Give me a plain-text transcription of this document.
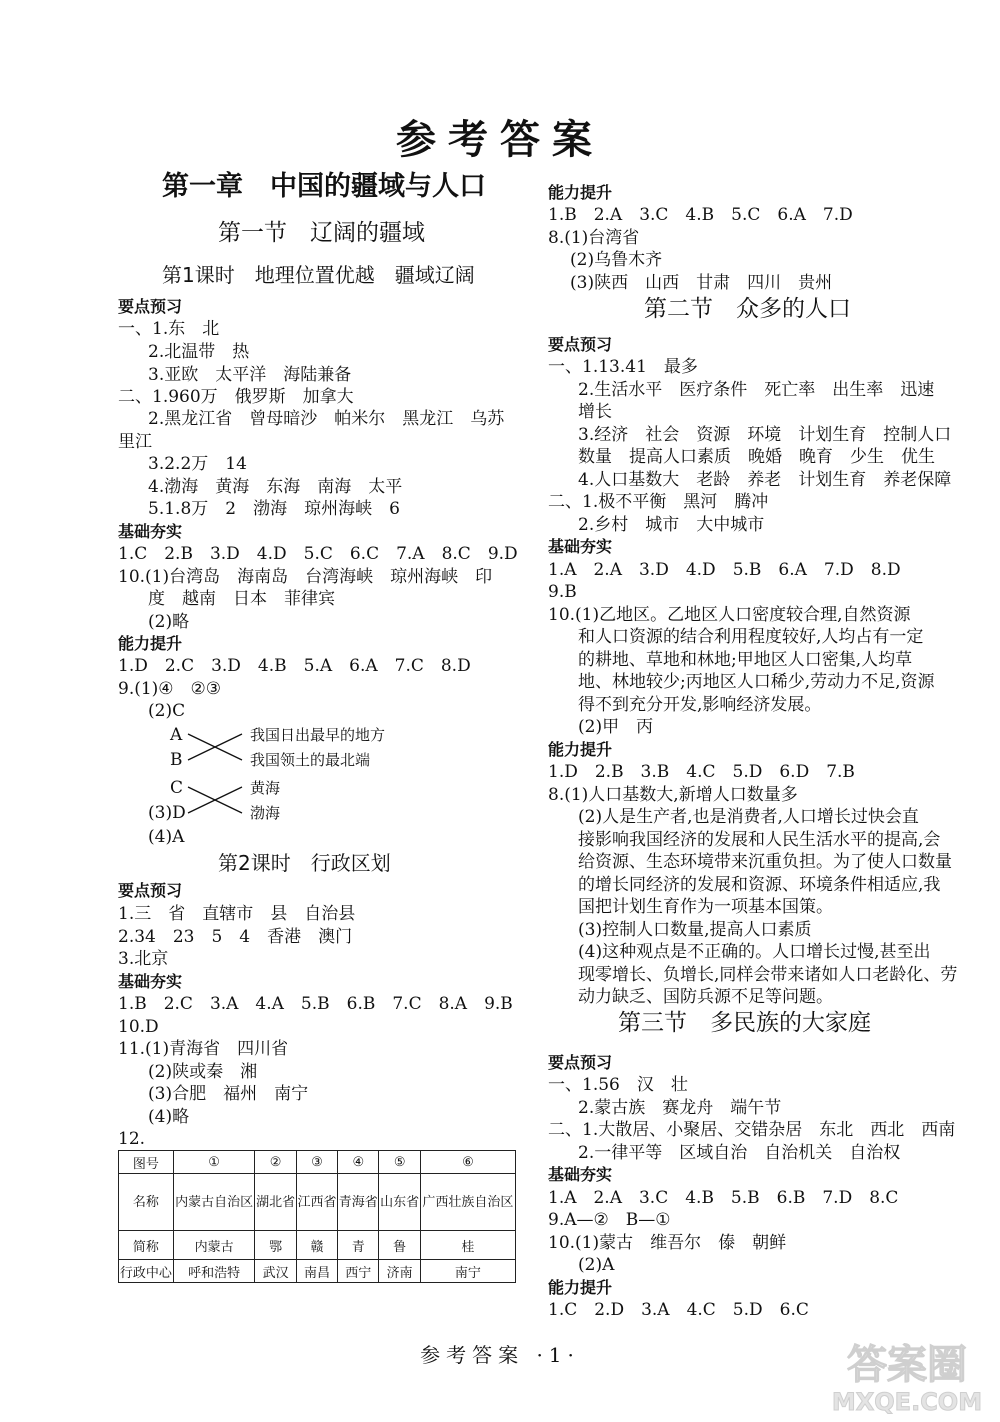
参考答案
第一章　中国的疆域与人口
第一节　辽阔的疆域
第1课时　地理位置优越　疆域辽阔
要点预习
一、1.东　北
2.北温带　热
3.亚欧　太平洋　海陆兼备
二、1.960万　俄罗斯　加拿大
2.黑龙江省　曾母暗沙　帕米尔　黑龙江　乌苏
里江
3.2.2万　14
4.渤海　黄海　东海　南海　太平
5.1.8万　2　渤海　琼州海峡　6
基础夯实
1.C　2.B　3.D　4.D　5.C　6.C　7.A　8.C　9.D
10.(1)台湾岛　海南岛　台湾海峡　琼州海峡　印
度　越南　日本　菲律宾
(2)略
能力提升
1.D　2.C　3.D　4.B　5.A　6.A　7.C　8.D
9.(1)④　②③
(2)C
A
B
我国日出最早的地方
我国领土的最北端
C
(3)D
黄海
渤海
(4)A
第2课时　行政区划
要点预习
1.三　省　直辖市　县　自治县
2.34　23　5　4　香港　澳门
3.北京
基础夯实
1.B　2.C　3.A　4.A　5.B　6.B　7.C　8.A　9.B
10.D
11.(1)青海省　四川省
(2)陕或秦　湘
(3)合肥　福州　南宁
(4)略
12.
图号	①	②	③	④	⑤	⑥
名称	内蒙古自治区	湖北省	江西省	青海省	山东省	广西壮族自治区
简称	内蒙古	鄂	赣	青	鲁	桂
行政中心	呼和浩特	武汉	南昌	西宁	济南	南宁
能力提升
1.B　2.A　3.C　4.B　5.C　6.A　7.D
8.(1)台湾省
(2)乌鲁木齐
(3)陕西　山西　甘肃　四川　贵州
第二节　众多的人口
要点预习
一、1.13.41　最多
2.生活水平　医疗条件　死亡率　出生率　迅速
增长
3.经济　社会　资源　环境　计划生育　控制人口
数量　提高人口素质　晚婚　晚育　少生　优生
4.人口基数大　老龄　养老　计划生育　养老保障
二、1.极不平衡　黑河　腾冲
2.乡村　城市　大中城市
基础夯实
1.A　2.A　3.D　4.D　5.B　6.A　7.D　8.D
9.B
10.(1)乙地区。乙地区人口密度较合理,自然资源
和人口资源的结合利用程度较好,人均占有一定
的耕地、草地和林地;甲地区人口密集,人均草
地、林地较少;丙地区人口稀少,劳动力不足,资源
得不到充分开发,影响经济发展。
(2)甲　丙
能力提升
1.D　2.B　3.B　4.C　5.D　6.D　7.B
8.(1)人口基数大,新增人口数量多
(2)人是生产者,也是消费者,人口增长过快会直
接影响我国经济的发展和人民生活水平的提高,会
给资源、生态环境带来沉重负担。为了使人口数量
的增长同经济的发展和资源、环境条件相适应,我
国把计划生育作为一项基本国策。
(3)控制人口数量,提高人口素质
(4)这种观点是不正确的。人口增长过慢,甚至出
现零增长、负增长,同样会带来诸如人口老龄化、劳
动力缺乏、国防兵源不足等问题。
第三节　多民族的大家庭
要点预习
一、1.56　汉　壮
2.蒙古族　赛龙舟　端午节
二、1.大散居、小聚居、交错杂居　东北　西北　西南
2.一律平等　区域自治　自治机关　自治权
基础夯实
1.A　2.A　3.C　4.B　5.B　6.B　7.D　8.C
9.A—②　B—①
10.(1)蒙古　维吾尔　傣　朝鲜
(2)A
能力提升
1.C　2.D　3.A　4.C　5.D　6.C
参考答案 ·1·	答案圈
MXQE.COM
